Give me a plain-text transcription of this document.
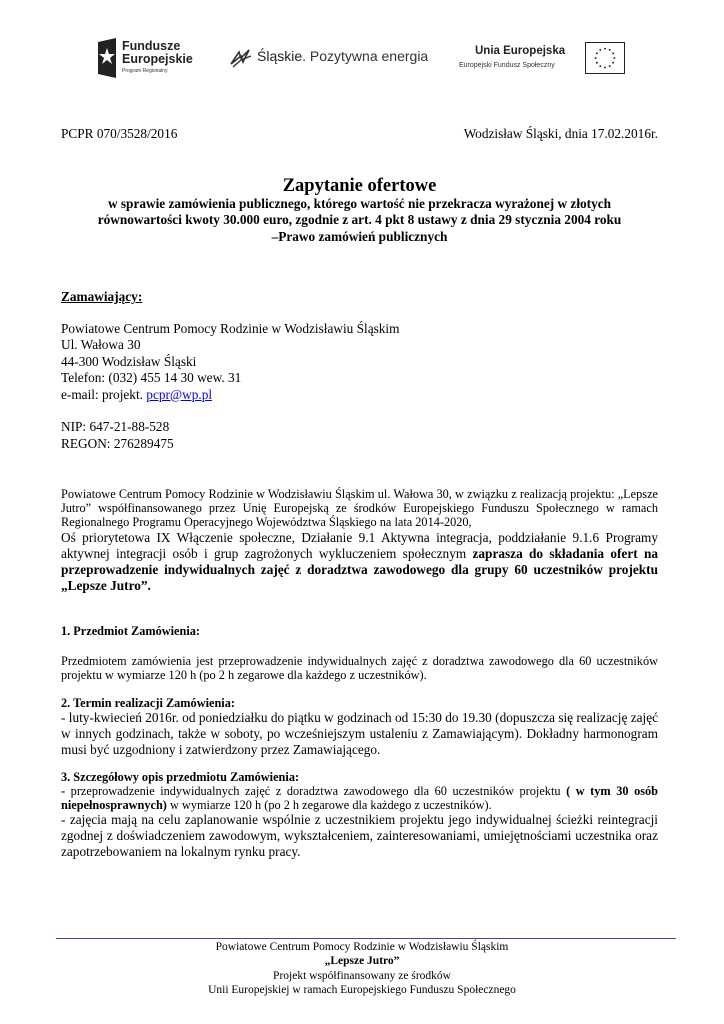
Fundusze
Europejskie
Program Regionalny
Śląskie. Pozytywna energia	Unia Europejska
Europejski Fundusz Społeczny
PCPR 070/3528/2016	Wodzisław Śląski, dnia 17.02.2016r.
Zapytanie ofertowe
w sprawie zamówienia publicznego, którego wartość nie przekracza wyrażonej w złotych
równowartości kwoty 30.000 euro, zgodnie z art. 4 pkt 8 ustawy z dnia 29 stycznia 2004 roku
–Prawo zamówień publicznych
Zamawiający:
Powiatowe Centrum Pomocy Rodzinie w Wodzisławiu Śląskim
Ul. Wałowa 30
44-300 Wodzisław Śląski
Telefon: (032) 455 14 30 wew. 31
e-mail: projekt. pcpr@wp.pl
NIP: 647-21-88-528
REGON: 276289475
Powiatowe Centrum Pomocy Rodzinie w Wodzisławiu Śląskim ul. Wałowa 30, w związku z realizacją projektu: „Lepsze Jutro” współfinansowanego przez Unię Europejską ze środków Europejskiego Funduszu Społecznego w ramach Regionalnego Programu Operacyjnego Województwa Śląskiego na lata 2014-2020,
Oś priorytetowa IX Włączenie społeczne, Działanie 9.1 Aktywna integracja, poddziałanie 9.1.6 Programy aktywnej integracji osób i grup zagrożonych wykluczeniem społecznym zaprasza do składania ofert na przeprowadzenie indywidualnych zajęć z doradztwa zawodowego dla grupy 60 uczestników projektu „Lepsze Jutro”.
1. Przedmiot Zamówienia:
Przedmiotem zamówienia jest przeprowadzenie indywidualnych zajęć z doradztwa zawodowego dla 60 uczestników projektu w wymiarze 120 h (po 2 h zegarowe dla każdego z uczestników).
2. Termin realizacji Zamówienia:
- luty-kwiecień 2016r. od poniedziałku do piątku w godzinach od 15:30 do 19.30 (dopuszcza się realizację zajęć w innych godzinach, także w soboty, po wcześniejszym ustaleniu z Zamawiającym). Dokładny harmonogram musi być uzgodniony i zatwierdzony przez Zamawiającego.
3. Szczegółowy opis przedmiotu Zamówienia:
- przeprowadzenie indywidualnych zajęć z doradztwa zawodowego dla 60 uczestników projektu ( w tym 30 osób niepełnosprawnych) w wymiarze 120 h (po 2 h zegarowe dla każdego z uczestników).
- zajęcia mają na celu zaplanowanie wspólnie z uczestnikiem projektu jego indywidualnej ścieżki reintegracji zgodnej z doświadczeniem zawodowym, wykształceniem, zainteresowaniami, umiejętnościami uczestnika oraz zapotrzebowaniem na lokalnym rynku pracy.
Powiatowe Centrum Pomocy Rodzinie w Wodzisławiu Śląskim
„Lepsze Jutro”
Projekt współfinansowany ze środków
Unii Europejskiej w ramach Europejskiego Funduszu Społecznego
